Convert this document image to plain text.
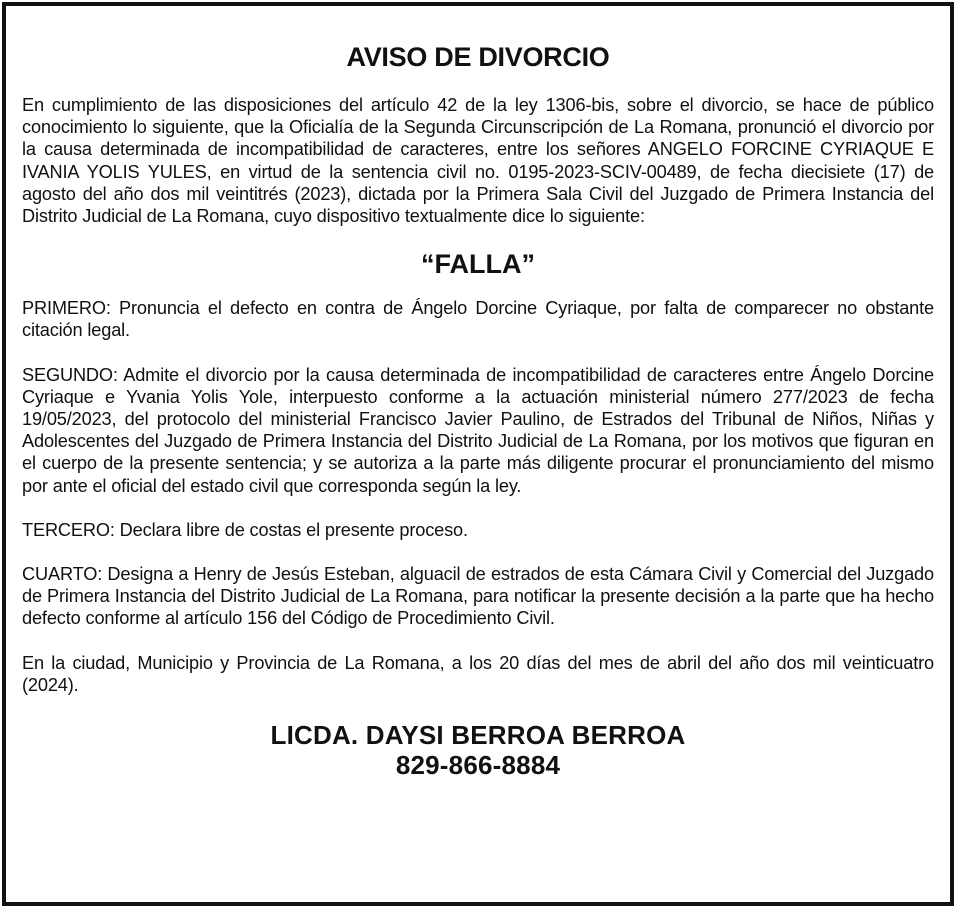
AVISO DE DIVORCIO

En cumplimiento de las disposiciones del artículo 42 de la ley 1306-bis, sobre el divorcio, se hace de público conocimiento lo siguiente, que la Oficialía de la Segunda Circunscripción de La Romana, pronunció el divorcio por la causa determinada de incompatibilidad de caracteres, entre los señores ANGELO FORCINE CYRIAQUE E IVANIA YOLIS YULES, en virtud de la sentencia civil no. 0195-2023-SCIV-00489, de fecha diecisiete (17) de agosto del año dos mil veintitrés (2023), dictada por la Primera Sala Civil del Juzgado de Primera Instancia del Distrito Judicial de La Romana, cuyo dispositivo textualmente dice lo siguiente:

“FALLA”

PRIMERO: Pronuncia el defecto en contra de Ángelo Dorcine Cyriaque, por falta de comparecer no obstante citación legal.

SEGUNDO: Admite el divorcio por la causa determinada de incompatibilidad de caracteres entre Ángelo Dorcine Cyriaque e Yvania Yolis Yole, interpuesto conforme a la actuación ministerial número 277/2023 de fecha 19/05/2023, del protocolo del ministerial Francisco Javier Paulino, de Estrados del Tribunal de Niños, Niñas y Adolescentes del Juzgado de Primera Instancia del Distrito Judicial de La Romana, por los motivos que figuran en el cuerpo de la presente sentencia; y se autoriza a la parte más diligente procurar el pronunciamiento del mismo por ante el oficial del estado civil que corresponda según la ley.

TERCERO: Declara libre de costas el presente proceso.

CUARTO: Designa a Henry de Jesús Esteban, alguacil de estrados de esta Cámara Civil y Comercial del Juzgado de Primera Instancia del Distrito Judicial de La Romana, para notificar la presente decisión a la parte que ha hecho defecto conforme al artículo 156 del Código de Procedimiento Civil.

En la ciudad, Municipio y Provincia de La Romana, a los 20 días del mes de abril del año dos mil veinticuatro (2024).

LICDA. DAYSI BERROA BERROA
829-866-8884
